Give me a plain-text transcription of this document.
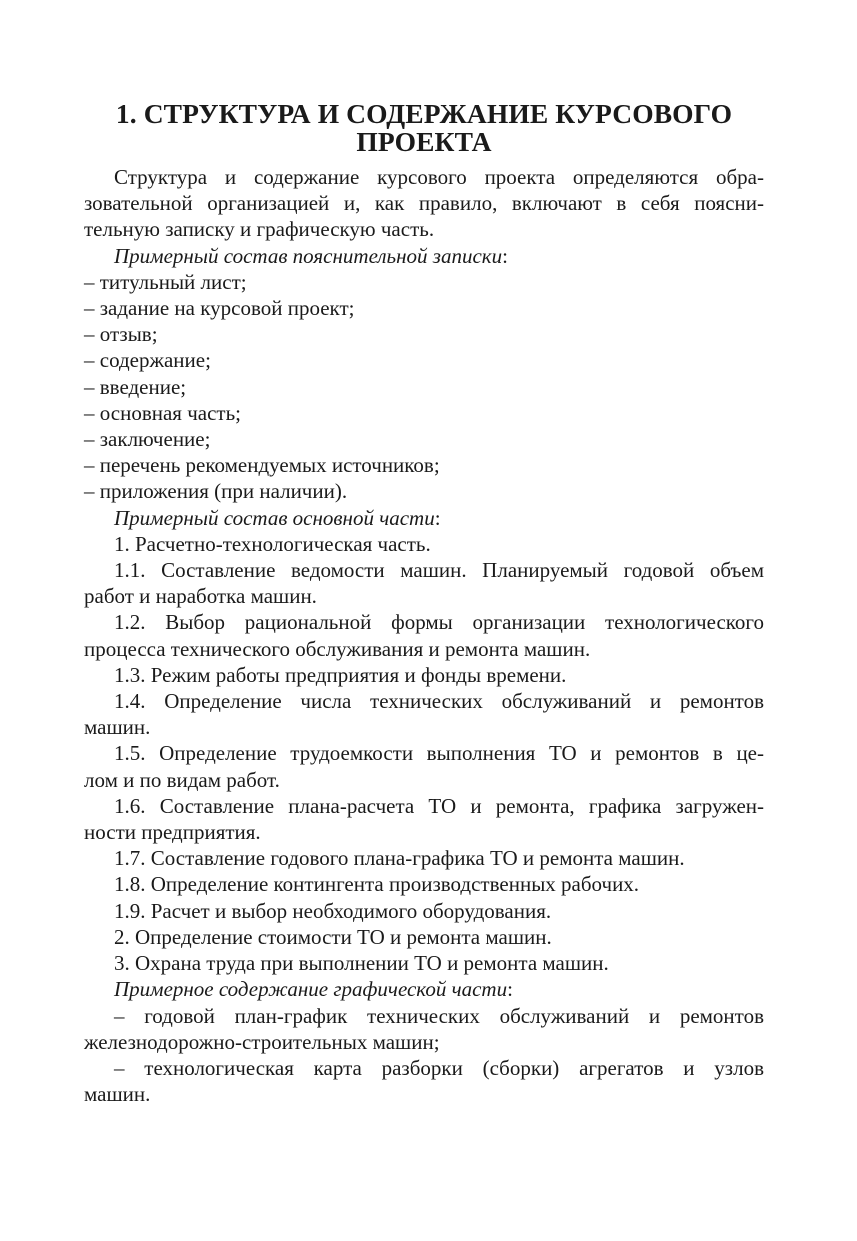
1. СТРУКТУРА И СОДЕРЖАНИЕ КУРСОВОГО
ПРОЕКТА
Структура и содержание курсового проекта определяются обра-
зовательной организацией и, как правило, включают в себя поясни-
тельную записку и графическую часть.
Примерный состав пояснительной записки:
– титульный лист;
– задание на курсовой проект;
– отзыв;
– содержание;
– введение;
– основная часть;
– заключение;
– перечень рекомендуемых источников;
– приложения (при наличии).
Примерный состав основной части:
1. Расчетно-технологическая часть.
1.1. Составление ведомости машин. Планируемый годовой объем
работ и наработка машин.
1.2. Выбор рациональной формы организации технологического
процесса технического обслуживания и ремонта машин.
1.3. Режим работы предприятия и фонды времени.
1.4. Определение числа технических обслуживаний и ремонтов
машин.
1.5. Определение трудоемкости выполнения ТО и ремонтов в це-
лом и по видам работ.
1.6. Составление плана-расчета ТО и ремонта, графика загружен-
ности предприятия.
1.7. Составление годового плана-графика ТО и ремонта машин.
1.8. Определение контингента производственных рабочих.
1.9. Расчет и выбор необходимого оборудования.
2. Определение стоимости ТО и ремонта машин.
3. Охрана труда при выполнении ТО и ремонта машин.
Примерное содержание графической части:
– годовой план-график технических обслуживаний и ремонтов
железнодорожно-строительных машин;
– технологическая карта разборки (сборки) агрегатов и узлов
машин.
